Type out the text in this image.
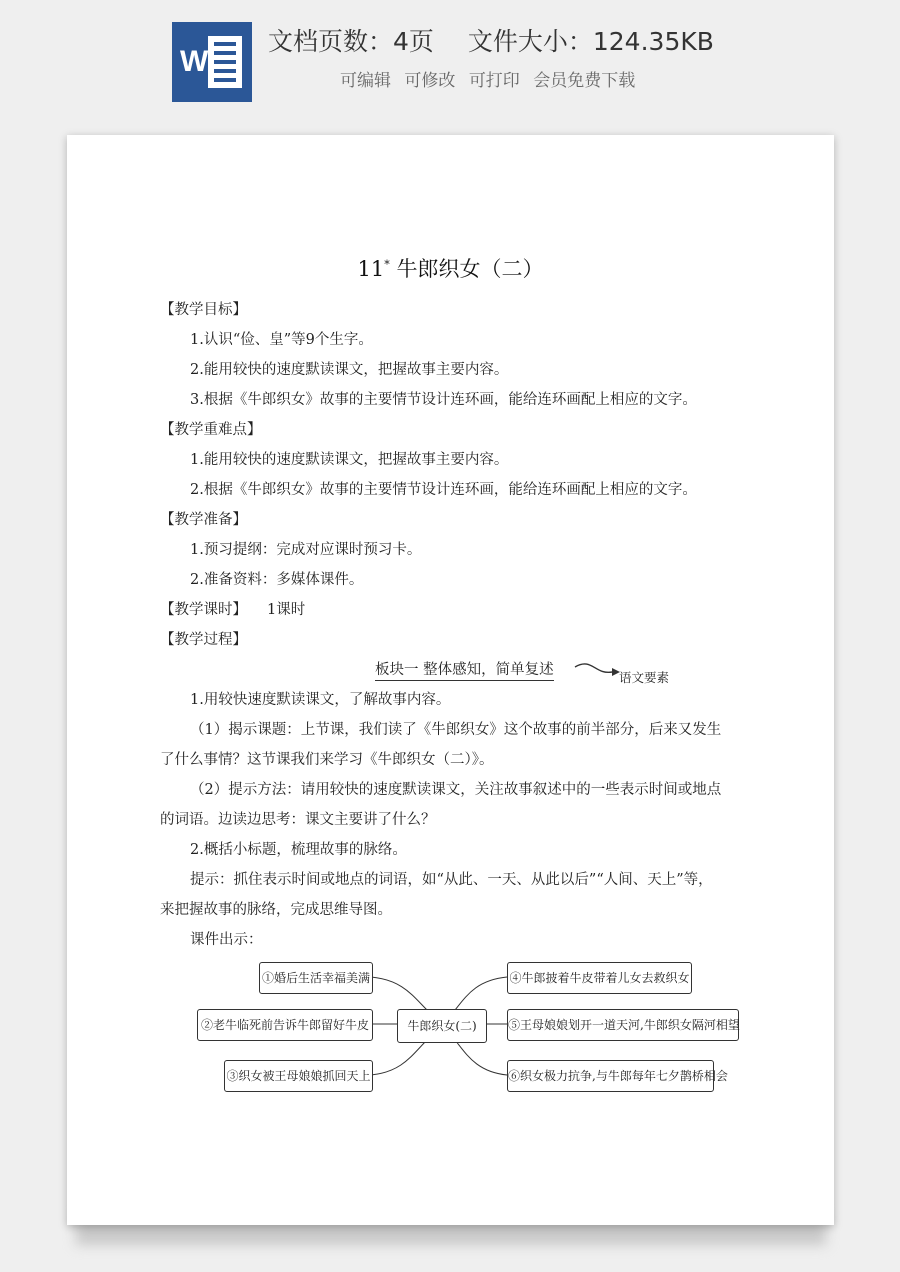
W
文档页数：4页 文件大小：124.35KB
可编辑 可修改 可打印 会员免费下载
11* 牛郎织女（二）
【教学目标】
1.认识“俭、皇”等9个生字。
2.能用较快的速度默读课文，把握故事主要内容。
3.根据《牛郎织女》故事的主要情节设计连环画，能给连环画配上相应的文字。
【教学重难点】
1.能用较快的速度默读课文，把握故事主要内容。
2.根据《牛郎织女》故事的主要情节设计连环画，能给连环画配上相应的文字。
【教学准备】
1.预习提纲：完成对应课时预习卡。
2.准备资料：多媒体课件。
【教学课时】 1课时
【教学过程】
板块一 整体感知，简单复述	语文要素
1.用较快速度默读课文，了解故事内容。
（1）揭示课题：上节课，我们读了《牛郎织女》这个故事的前半部分，后来又发生
了什么事情？这节课我们来学习《牛郎织女（二）》。
（2）提示方法：请用较快的速度默读课文，关注故事叙述中的一些表示时间或地点
的词语。边读边思考：课文主要讲了什么？
2.概括小标题，梳理故事的脉络。
提示：抓住表示时间或地点的词语，如“从此、一天、从此以后”“人间、天上”等，
来把握故事的脉络，完成思维导图。
课件出示：
①婚后生活幸福美满
②老牛临死前告诉牛郎留好牛皮
③织女被王母娘娘抓回天上
牛郎织女(二)
④牛郎披着牛皮带着儿女去救织女
⑤王母娘娘划开一道天河,牛郎织女隔河相望
⑥织女极力抗争,与牛郎每年七夕鹊桥相会
